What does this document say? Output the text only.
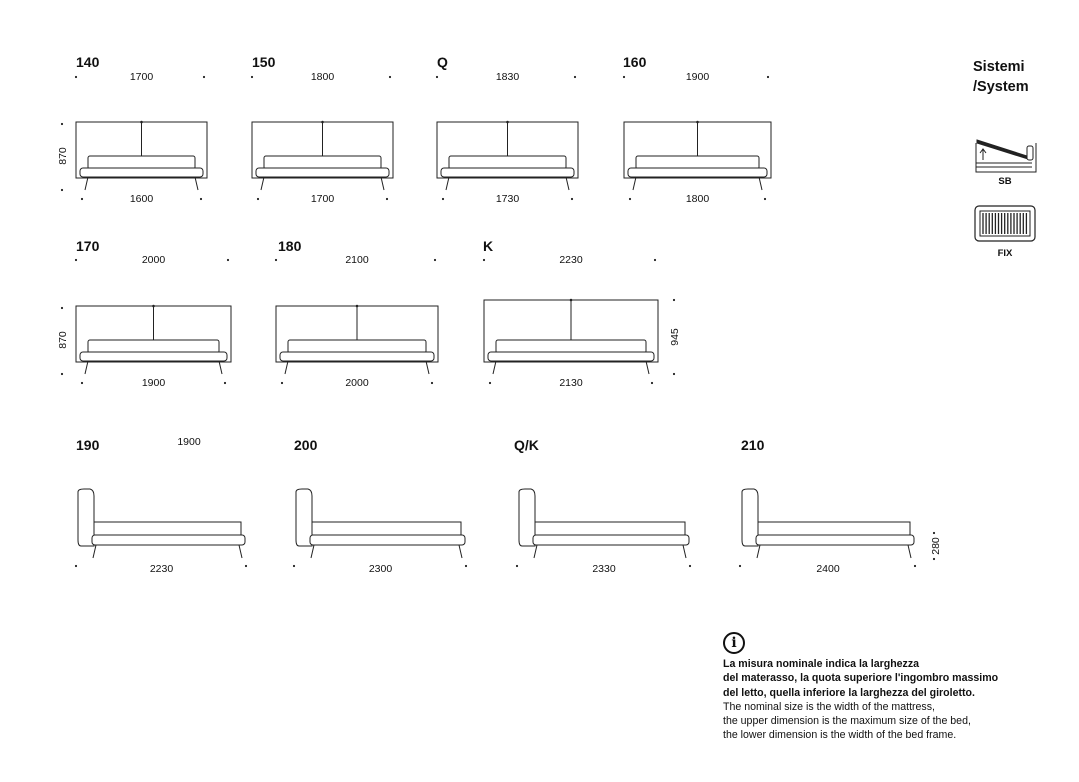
140
1700
1600
870
150
1800
1700
Q
1830
1730
160
1900
1800
170
2000
1900
870
180
2100
2000
K
2230
2130
945
190	1900
2230
200
2300
Q/K
2330
210
2400
280
Sistemi
/System
SB
FIX
i

La misura nominale indica la larghezza

del materasso, la quota superiore l'ingombro massimo

del letto, quella inferiore la larghezza del giroletto.

The nominal size is the width of the mattress,

the upper dimension is the maximum size of the bed,

the lower dimension is the width of the bed frame.
